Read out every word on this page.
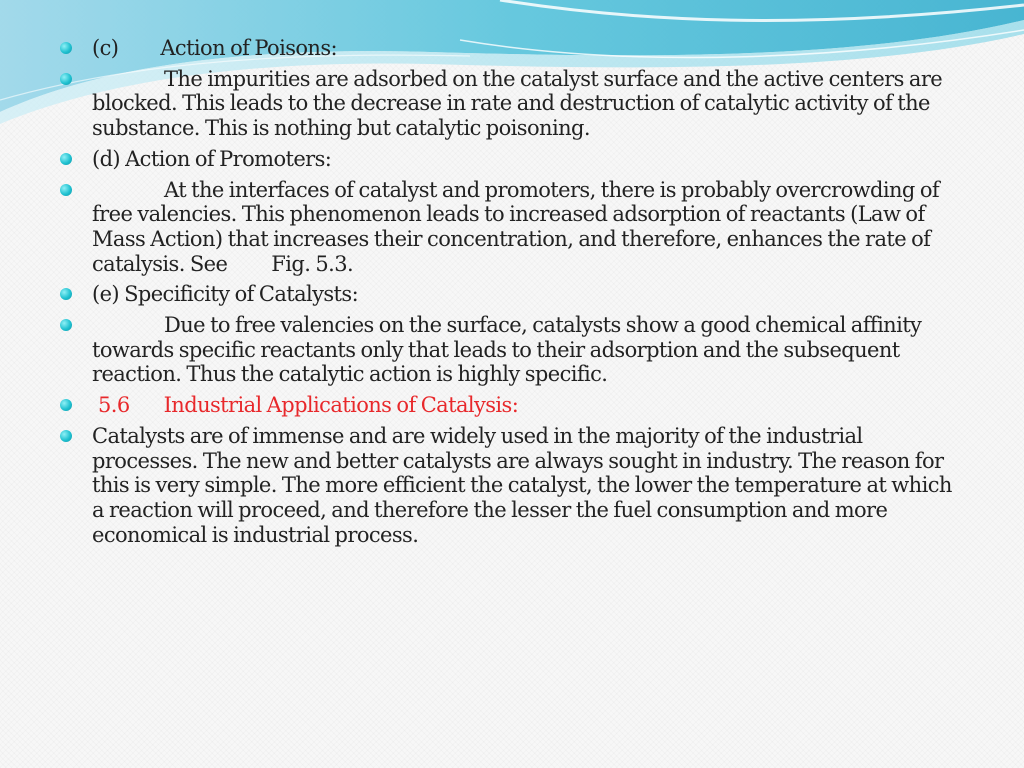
(c) Action of Poisons:
The impurities are adsorbed on the catalyst surface and the active centers are blocked. This leads to the decrease in rate and destruction of catalytic activity of the substance. This is nothing but catalytic poisoning.
(d) Action of Promoters:
At the interfaces of catalyst and promoters, there is probably overcrowding of free valencies. This phenomenon leads to increased adsorption of reactants (Law of Mass Action) that increases their concentration, and therefore, enhances the rate of catalysis. See Fig. 5.3.
(e) Specificity of Catalysts:
Due to free valencies on the surface, catalysts show a good chemical affinity towards specific reactants only that leads to their adsorption and the subsequent reaction. Thus the catalytic action is highly specific.
5.6 Industrial Applications of Catalysis:
Catalysts are of immense and are widely used in the majority of the industrial processes. The new and better catalysts are always sought in industry. The reason for this is very simple. The more efficient the catalyst, the lower the temperature at which a reaction will proceed, and therefore the lesser the fuel consumption and more economical is industrial process.
